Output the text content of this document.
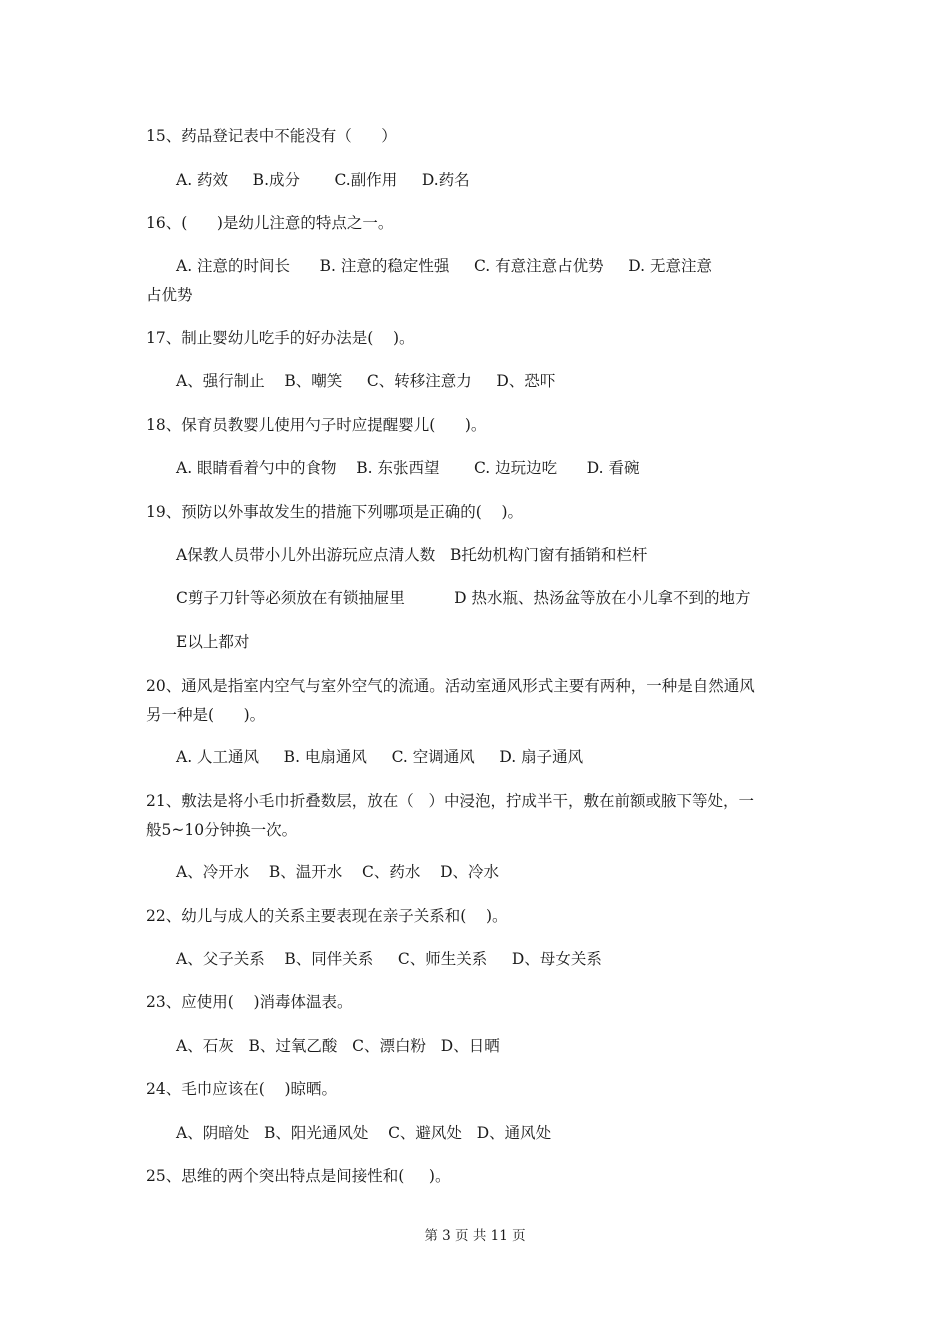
15、药品登记表中不能没有（      ）
A. 药效     B.成分       C.副作用     D.药名
16、(      )是幼儿注意的特点之一。
A. 注意的时间长      B. 注意的稳定性强     C. 有意注意占优势     D. 无意注意
占优势
17、制止婴幼儿吃手的好办法是(    )。
A、强行制止    B、嘲笑     C、转移注意力     D、恐吓
18、保育员教婴儿使用勺子时应提醒婴儿(      )。
A. 眼睛看着勺中的食物    B. 东张西望       C. 边玩边吃      D. 看碗
19、预防以外事故发生的措施下列哪项是正确的(    )。
A保教人员带小儿外出游玩应点清人数   B托幼机构门窗有插销和栏杆
C剪子刀针等必须放在有锁抽屉里          D 热水瓶、热汤盆等放在小儿拿不到的地方
E以上都对
20、通风是指室内空气与室外空气的流通。活动室通风形式主要有两种，一种是自然通风
另一种是(      )。
A. 人工通风     B. 电扇通风     C. 空调通风     D. 扇子通风
21、敷法是将小毛巾折叠数层，放在（   ）中浸泡，拧成半干，敷在前额或腋下等处，一
般5~10分钟换一次。
A、冷开水    B、温开水    C、药水    D、冷水
22、幼儿与成人的关系主要表现在亲子关系和(    )。
A、父子关系    B、同伴关系     C、师生关系     D、母女关系
23、应使用(    )消毒体温表。
A、石灰   B、过氧乙酸   C、漂白粉   D、日晒
24、毛巾应该在(    )晾晒。
A、阴暗处   B、阳光通风处    C、避风处   D、通风处
25、思维的两个突出特点是间接性和(     )。
第 3 页 共 11 页
